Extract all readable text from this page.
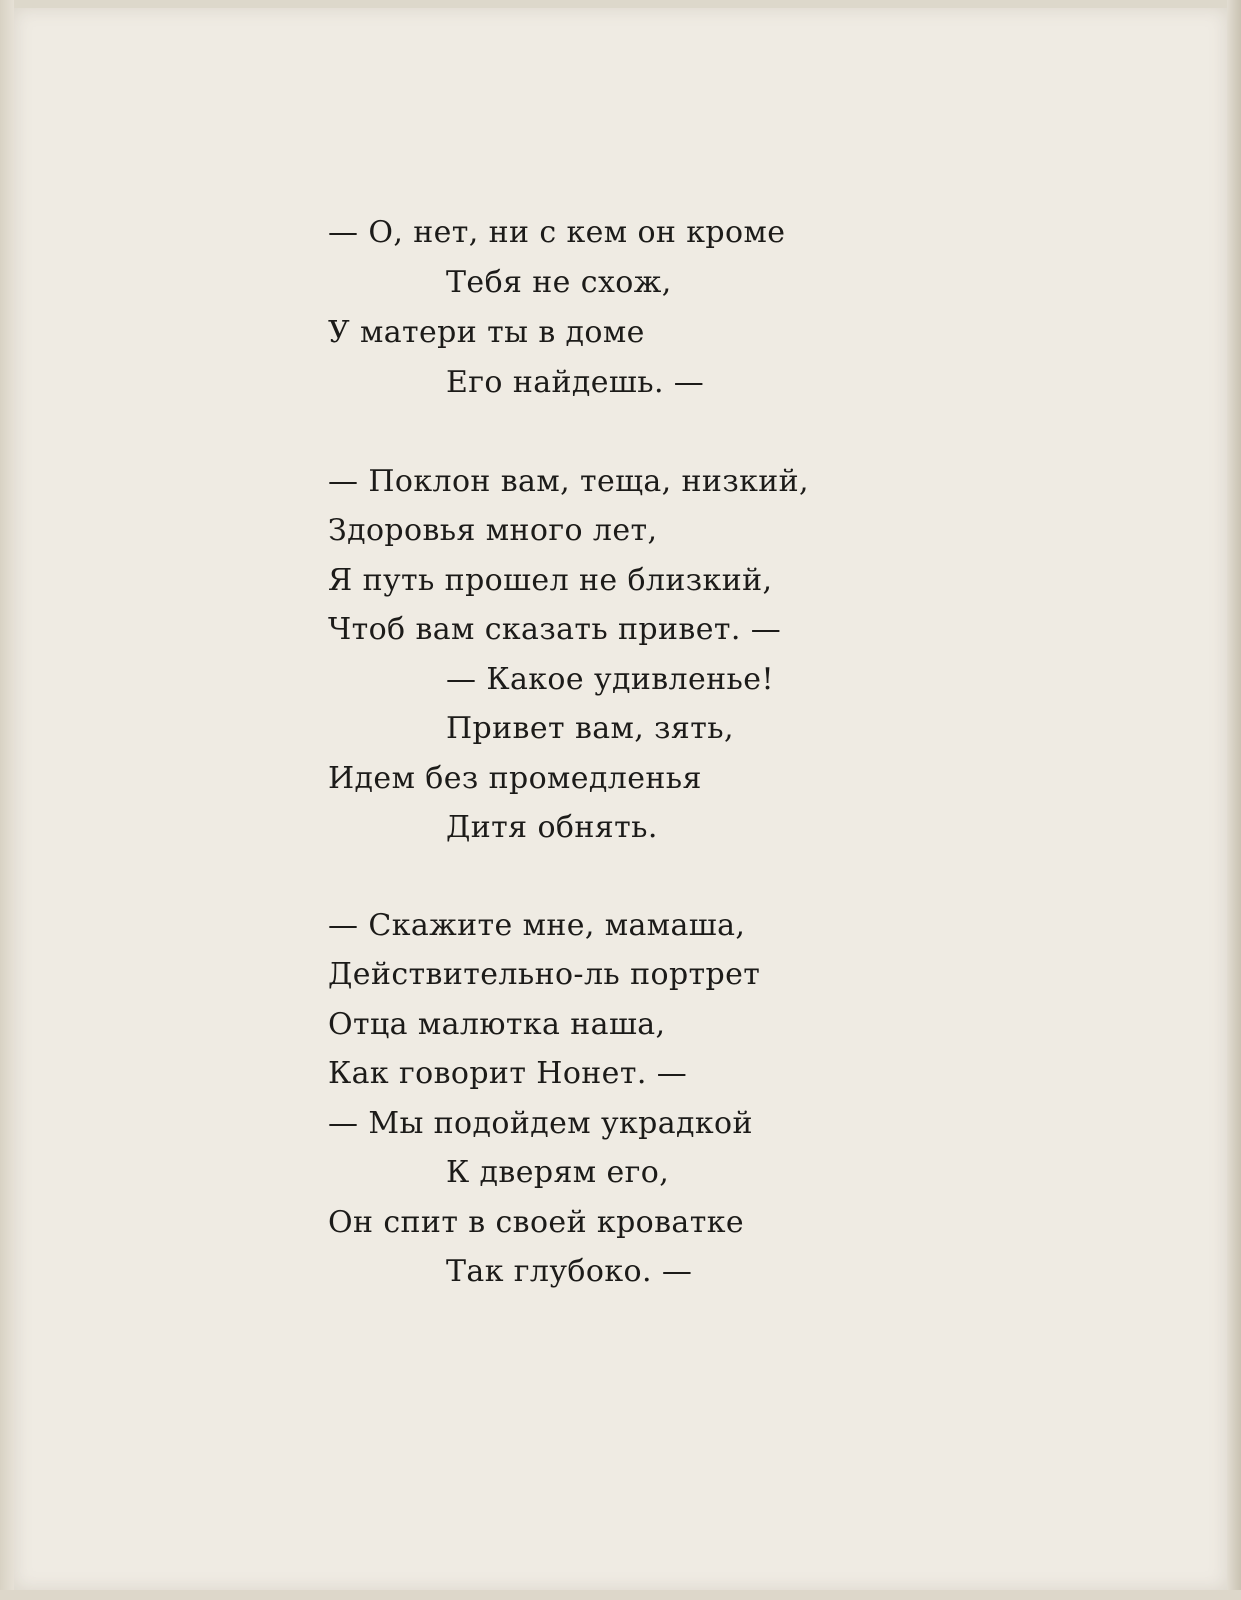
— О, нет, ни с кем он кроме
Тебя не схож,
У матери ты в доме
Его найдешь. —
— Поклон вам, теща, низкий,
Здоровья много лет,
Я путь прошел не близкий,
Чтоб вам сказать привет. —
— Какое удивленье!
Привет вам, зять,
Идем без промедленья
Дитя обнять.
— Скажите мне, мамаша,
Действительно-ль портрет
Отца малютка наша,
Как говорит Нонет. —
— Мы подойдем украдкой
К дверям его,
Он спит в своей кроватке
Так глубоко. —
